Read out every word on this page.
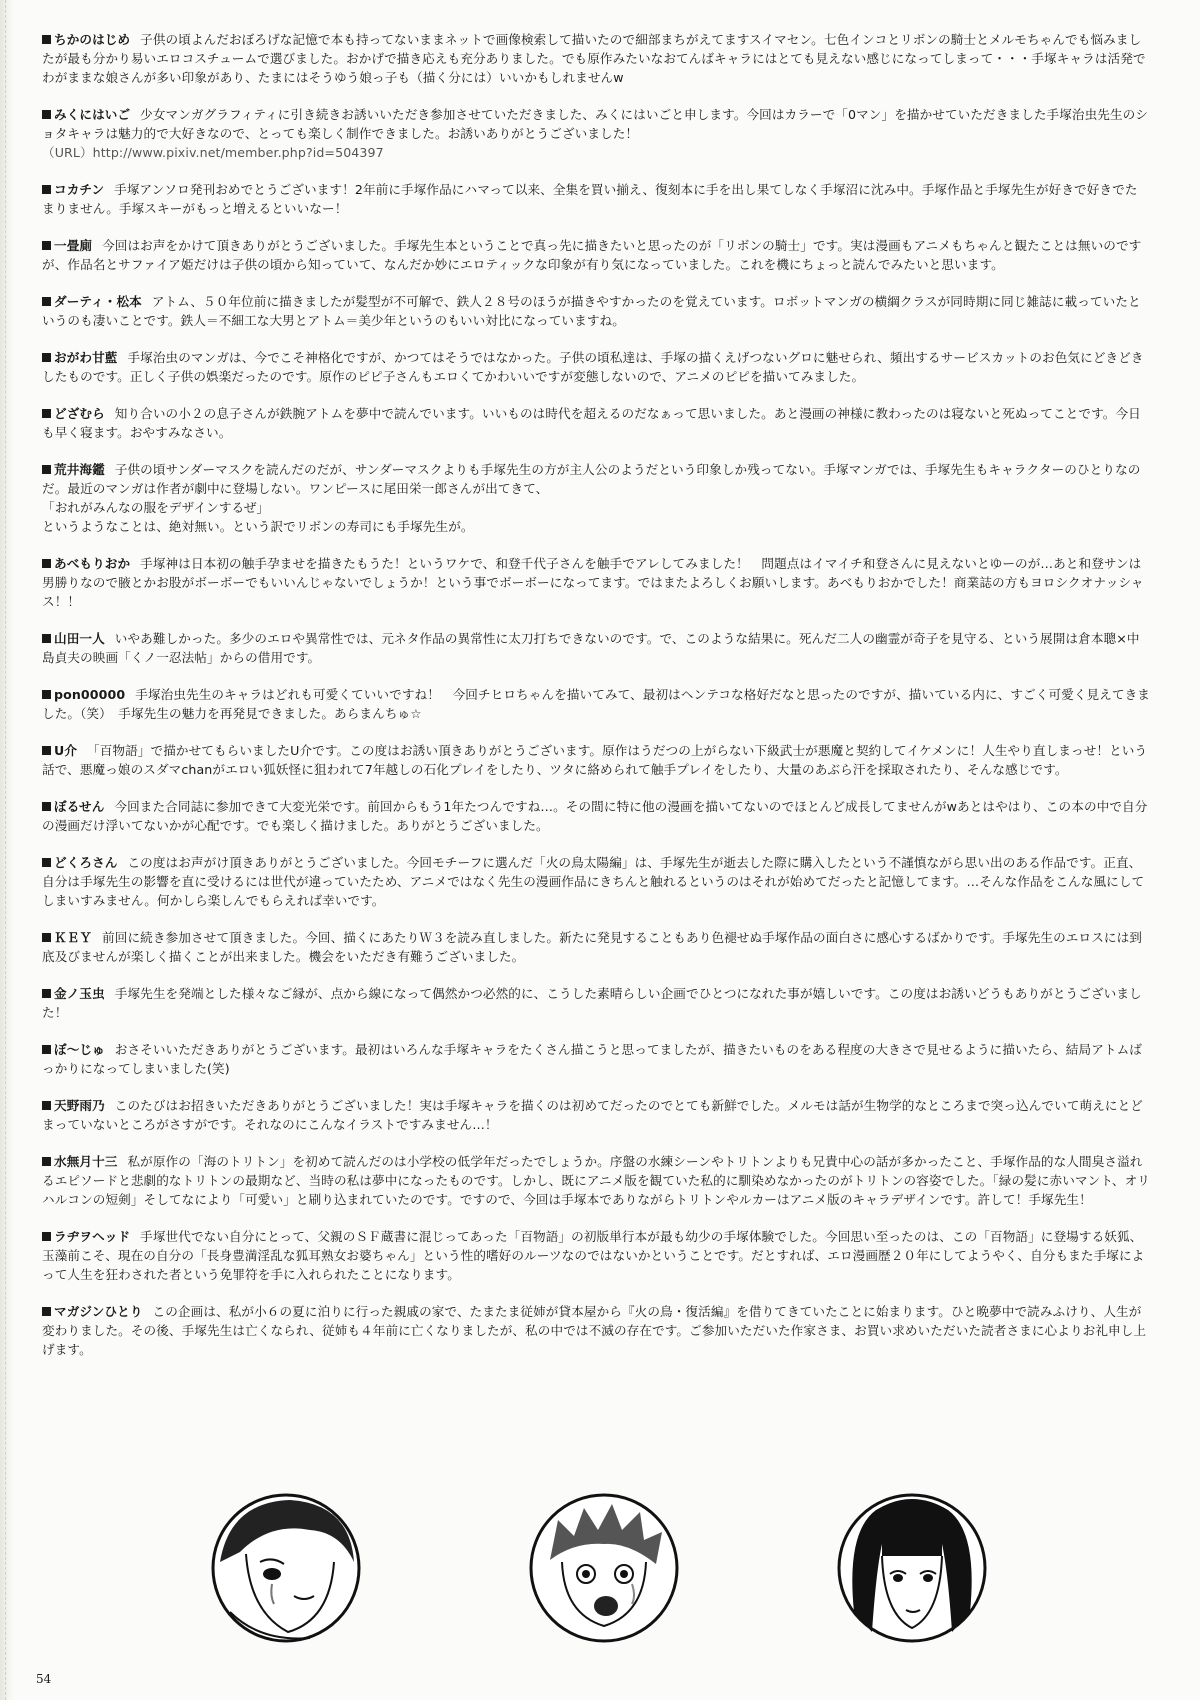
ちかのはじめ 子供の頃よんだおぼろげな記憶で本も持ってないままネットで画像検索して描いたので細部まちがえてますスイマセン。七色インコとリボンの騎士とメルモちゃんでも悩みましたが最も分かり易いエロコスチュームで選びました。おかげで描き応えも充分ありました。でも原作みたいなおてんばキャラにはとても見えない感じになってしまって・・・手塚キャラは活発でわがままな娘さんが多い印象があり、たまにはそうゆう娘っ子も（描く分には）いいかもしれませんw

みくにはいご 少女マンガグラフィティに引き続きお誘いいただき参加させていただきました、みくにはいごと申します。今回はカラーで「0マン」を描かせていただきました手塚治虫先生のショタキャラは魅力的で大好きなので、とっても楽しく制作できました。お誘いありがとうございました！

（URL）http://www.pixiv.net/member.php?id=504397

コカチン 手塚アンソロ発刊おめでとうございます！2年前に手塚作品にハマって以来、全集を買い揃え、復刻本に手を出し果てしなく手塚沼に沈み中。手塚作品と手塚先生が好きで好きでたまりません。手塚スキーがもっと増えるといいなー！

一畳廁 今回はお声をかけて頂きありがとうございました。手塚先生本ということで真っ先に描きたいと思ったのが「リボンの騎士」です。実は漫画もアニメもちゃんと観たことは無いのですが、作品名とサファイア姫だけは子供の頃から知っていて、なんだか妙にエロティックな印象が有り気になっていました。これを機にちょっと読んでみたいと思います。

ダーティ・松本 アトム、５０年位前に描きましたが髪型が不可解で、鉄人２８号のほうが描きやすかったのを覚えています。ロボットマンガの横綱クラスが同時期に同じ雑誌に載っていたというのも凄いことです。鉄人＝不細工な大男とアトム＝美少年というのもいい対比になっていますね。

おがわ甘藍 手塚治虫のマンガは、今でこそ神格化ですが、かつてはそうではなかった。子供の頃私達は、手塚の描くえげつないグロに魅せられ、頻出するサービスカットのお色気にどきどきしたものです。正しく子供の娯楽だったのです。原作のピピ子さんもエロくてかわいいですが変態しないので、アニメのピピを描いてみました。

どざむら 知り合いの小２の息子さんが鉄腕アトムを夢中で読んでいます。いいものは時代を超えるのだなぁって思いました。あと漫画の神様に教わったのは寝ないと死ぬってことです。今日も早く寝ます。おやすみなさい。

荒井海鑑 子供の頃サンダーマスクを読んだのだが、サンダーマスクよりも手塚先生の方が主人公のようだという印象しか残ってない。手塚マンガでは、手塚先生もキャラクターのひとりなのだ。最近のマンガは作者が劇中に登場しない。ワンピースに尾田栄一郎さんが出てきて、

「おれがみんなの服をデザインするぜ」

というようなことは、絶対無い。という訳でリボンの寿司にも手塚先生が。

あべもりおか 手塚神は日本初の触手孕ませを描きたもうた！というワケで、和登千代子さんを触手でアレしてみました！　問題点はイマイチ和登さんに見えないとゆーのが…あと和登サンは男勝りなので腋とかお股がボーボーでもいいんじゃないでしょうか！という事でボーボーになってます。ではまたよろしくお願いします。あべもりおかでした！商業誌の方もヨロシクオナッシャス！！

山田一人 いやあ難しかった。多少のエロや異常性では、元ネタ作品の異常性に太刀打ちできないのです。で、このような結果に。死んだ二人の幽霊が奇子を見守る、という展開は倉本聰×中島貞夫の映画「くノ一忍法帖」からの借用です。

pon00000 手塚治虫先生のキャラはどれも可愛くていいですね！　今回チヒロちゃんを描いてみて、最初はヘンテコな格好だなと思ったのですが、描いている内に、すごく可愛く見えてきました。（笑）　手塚先生の魅力を再発見できました。あらまんちゅ☆

U介 「百物語」で描かせてもらいましたU介です。この度はお誘い頂きありがとうございます。原作はうだつの上がらない下級武士が悪魔と契約してイケメンに！人生やり直しまっせ！という話で、悪魔っ娘のスダマchanがエロい狐妖怪に狙われて7年越しの石化プレイをしたり、ツタに絡められて触手プレイをしたり、大量のあぶら汗を採取されたり、そんな感じです。

ぼるせん 今回また合同誌に参加できて大変光栄です。前回からもう1年たつんですね…。その間に特に他の漫画を描いてないのでほとんど成長してませんがwあとはやはり、この本の中で自分の漫画だけ浮いてないかが心配です。でも楽しく描けました。ありがとうございました。

どくろさん この度はお声がけ頂きありがとうございました。今回モチーフに選んだ「火の鳥太陽編」は、手塚先生が逝去した際に購入したという不謹慎ながら思い出のある作品です。正直、自分は手塚先生の影響を直に受けるには世代が違っていたため、アニメではなく先生の漫画作品にきちんと触れるというのはそれが始めてだったと記憶してます。…そんな作品をこんな風にしてしまいすみません。何かしら楽しんでもらえれば幸いです。

ＫＥＹ 前回に続き参加させて頂きました。今回、描くにあたりＷ３を読み直しました。新たに発見することもあり色褪せぬ手塚作品の面白さに感心するばかりです。手塚先生のエロスには到底及びませんが楽しく描くことが出来ました。機会をいただき有難うございました。

金ノ玉虫 手塚先生を発端とした様々なご縁が、点から線になって偶然かつ必然的に、こうした素晴らしい企画でひとつになれた事が嬉しいです。この度はお誘いどうもありがとうございました！

ぼ～じゅ おさそいいただきありがとうございます。最初はいろんな手塚キャラをたくさん描こうと思ってましたが、描きたいものをある程度の大きさで見せるように描いたら、結局アトムばっかりになってしまいました(笑)

天野雨乃 このたびはお招きいただきありがとうございました！実は手塚キャラを描くのは初めてだったのでとても新鮮でした。メルモは話が生物学的なところまで突っ込んでいて萌えにとどまっていないところがさすがです。それなのにこんなイラストですみません…！

水無月十三 私が原作の「海のトリトン」を初めて読んだのは小学校の低学年だったでしょうか。序盤の水練シーンやトリトンよりも兄貴中心の話が多かったこと、手塚作品的な人間臭さ溢れるエピソードと悲劇的なトリトンの最期など、当時の私は夢中になったものです。しかし、既にアニメ版を観ていた私的に馴染めなかったのがトリトンの容姿でした。「緑の髪に赤いマント、オリハルコンの短剣」そしてなにより「可愛い」と刷り込まれていたのです。ですので、今回は手塚本でありながらトリトンやルカーはアニメ版のキャラデザインです。許して！手塚先生！

ラヂヲヘッド 手塚世代でない自分にとって、父親のＳＦ蔵書に混じってあった「百物語」の初版単行本が最も幼少の手塚体験でした。今回思い至ったのは、この「百物語」に登場する妖狐、玉藻前こそ、現在の自分の「長身豊満淫乱な狐耳熟女お婆ちゃん」という性的嗜好のルーツなのではないかということです。だとすれば、エロ漫画歴２０年にしてようやく、自分もまた手塚によって人生を狂わされた者という免罪符を手に入れられたことになります。

マガジンひとり この企画は、私が小６の夏に泊りに行った親戚の家で、たまたま従姉が貸本屋から『火の鳥・復活編』を借りてきていたことに始まります。ひと晩夢中で読みふけり、人生が変わりました。その後、手塚先生は亡くなられ、従姉も４年前に亡くなりましたが、私の中では不滅の存在です。ご参加いただいた作家さま、お買い求めいただいた読者さまに心よりお礼申し上げます。

54
